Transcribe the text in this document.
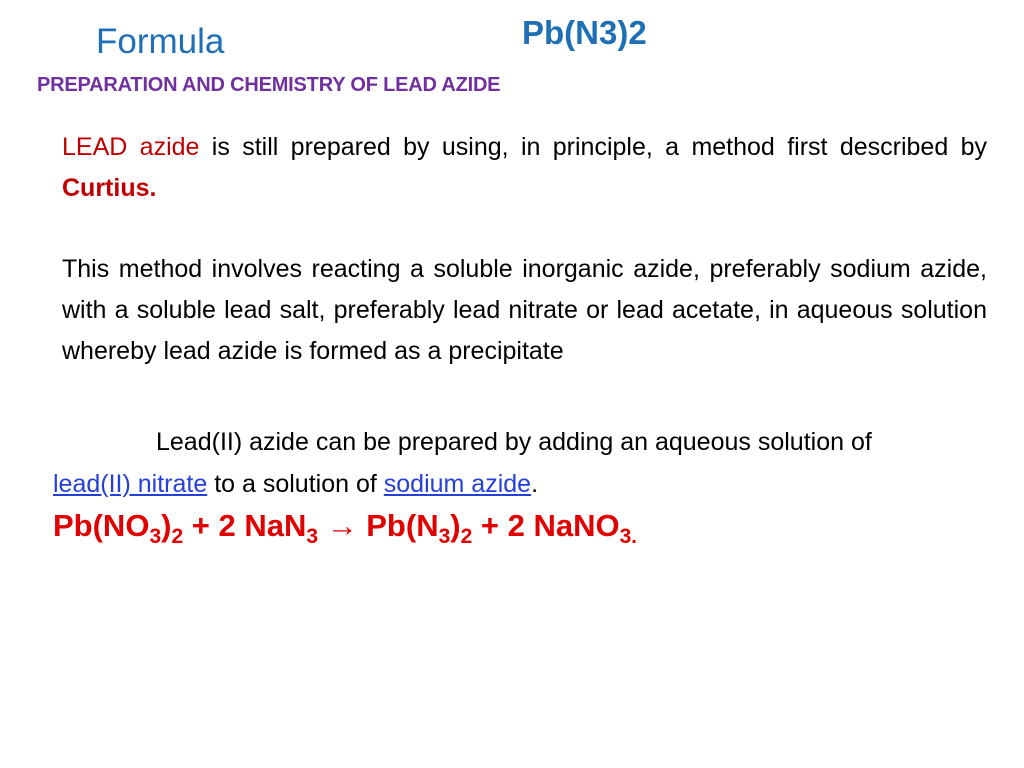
Formula	Pb(N3)2
PREPARATION AND CHEMISTRY OF LEAD AZIDE
LEAD azide is still prepared by using, in principle, a method first described by Curtius.
This method involves reacting a soluble inorganic azide, preferably sodium azide, with a soluble lead salt, preferably lead nitrate or lead acetate, in aqueous solution whereby lead azide is formed as a precipitate
Lead(II) azide can be prepared by adding an aqueous solution of lead(II) nitrate to a solution of sodium azide.
$Pb(NO_3)_2 + 2$ $NaN_3 \to Pb(N_3)_2 + 2$ NaNO$_{3.}$
